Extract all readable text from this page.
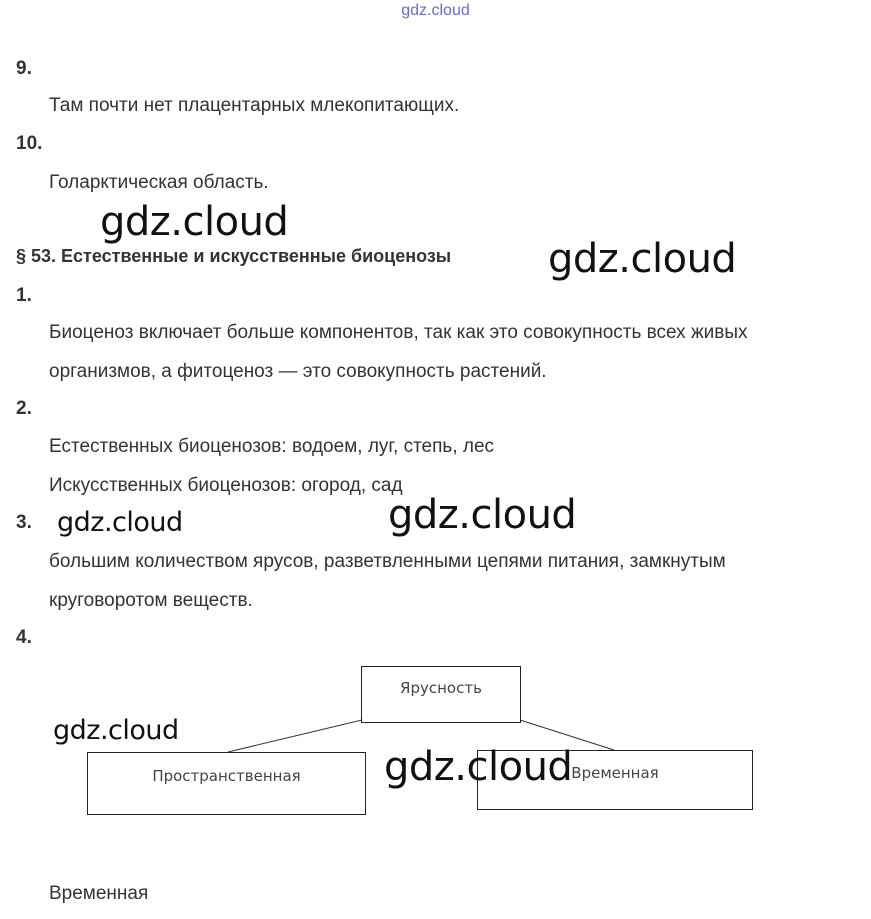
gdz.cloud
9.
Там почти нет плацентарных млекопитающих.
10.
Голарктическая область.
§ 53. Естественные и искусственные биоценозы
1.
Биоценоз включает больше компонентов, так как это совокупность всех живых
организмов, а фитоценоз — это совокупность растений.
2.
Естественных биоценозов: водоем, луг, степь, лес
Искусственных биоценозов: огород, сад
3.
большим количеством ярусов, разветвленными цепями питания, замкнутым
круговоротом веществ.
4.
Ярусность
Пространственная	Временная
Временная
gdz.cloud
gdz.cloud
gdz.cloud	gdz.cloud
gdz.cloud
gdz.cloud
